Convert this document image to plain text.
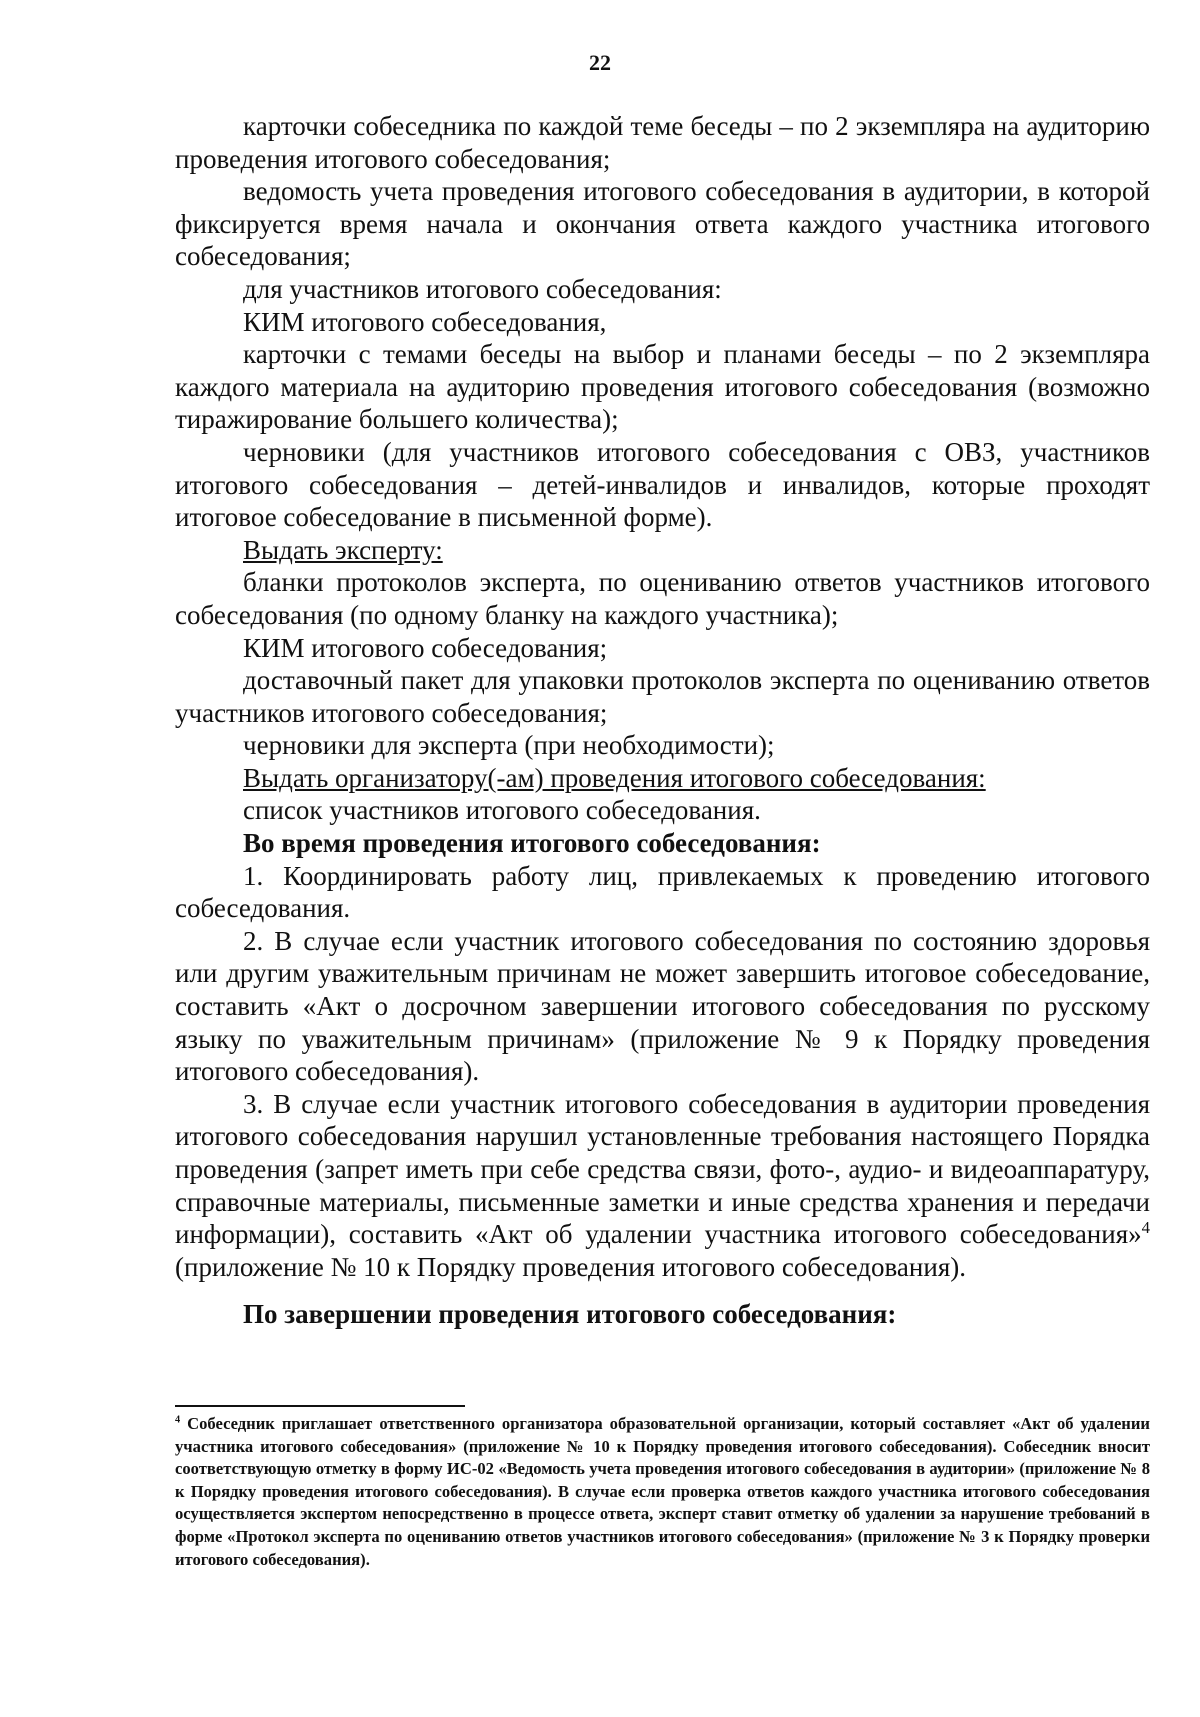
22

карточки собеседника по каждой теме беседы – по 2 экземпляра на аудиторию проведения итогового собеседования;

ведомость учета проведения итогового собеседования в аудитории, в которой фиксируется время начала и окончания ответа каждого участника итогового собеседования;

для участников итогового собеседования:

КИМ итогового собеседования,

карточки с темами беседы на выбор и планами беседы – по 2 экземпляра каждого материала на аудиторию проведения итогового собеседования (возможно тиражирование большего количества);

черновики (для участников итогового собеседования с ОВЗ, участников итогового собеседования – детей-инвалидов и инвалидов, которые проходят итоговое собеседование в письменной форме).

Выдать эксперту:

бланки протоколов эксперта, по оцениванию ответов участников итогового собеседования (по одному бланку на каждого участника);

КИМ итогового собеседования;

доставочный пакет для упаковки протоколов эксперта по оцениванию ответов участников итогового собеседования;

черновики для эксперта (при необходимости);

Выдать организатору(-ам) проведения итогового собеседования:

список участников итогового собеседования.

Во время проведения итогового собеседования:

1. Координировать работу лиц, привлекаемых к проведению итогового собеседования.

2. В случае если участник итогового собеседования по состоянию здоровья или другим уважительным причинам не может завершить итоговое собеседование, составить «Акт о досрочном завершении итогового собеседования по русскому языку по уважительным причинам» (приложение № 9 к Порядку проведения итогового собеседования).

3. В случае если участник итогового собеседования в аудитории проведения итогового собеседования нарушил установленные требования настоящего Порядка проведения (запрет иметь при себе средства связи, фото-, аудио- и видеоаппаратуру, справочные материалы, письменные заметки и иные средства хранения и передачи информации), составить «Акт об удалении участника итогового собеседования»$^4$ (приложение № 10 к Порядку проведения итогового собеседования).

По завершении проведения итогового собеседования:

$^4$ Собеседник приглашает ответственного организатора образовательной организации, который составляет «Акт об удалении участника итогового собеседования» (приложение № 10 к Порядку проведения итогового собеседования). Собеседник вносит соответствующую отметку в форму ИС-02 «Ведомость учета проведения итогового собеседования в аудитории» (приложение № 8 к Порядку проведения итогового собеседования). В случае если проверка ответов каждого участника итогового собеседования осуществляется экспертом непосредственно в процессе ответа, эксперт ставит отметку об удалении за нарушение требований в форме «Протокол эксперта по оцениванию ответов участников итогового собеседования» (приложение № 3 к Порядку проверки итогового собеседования).
